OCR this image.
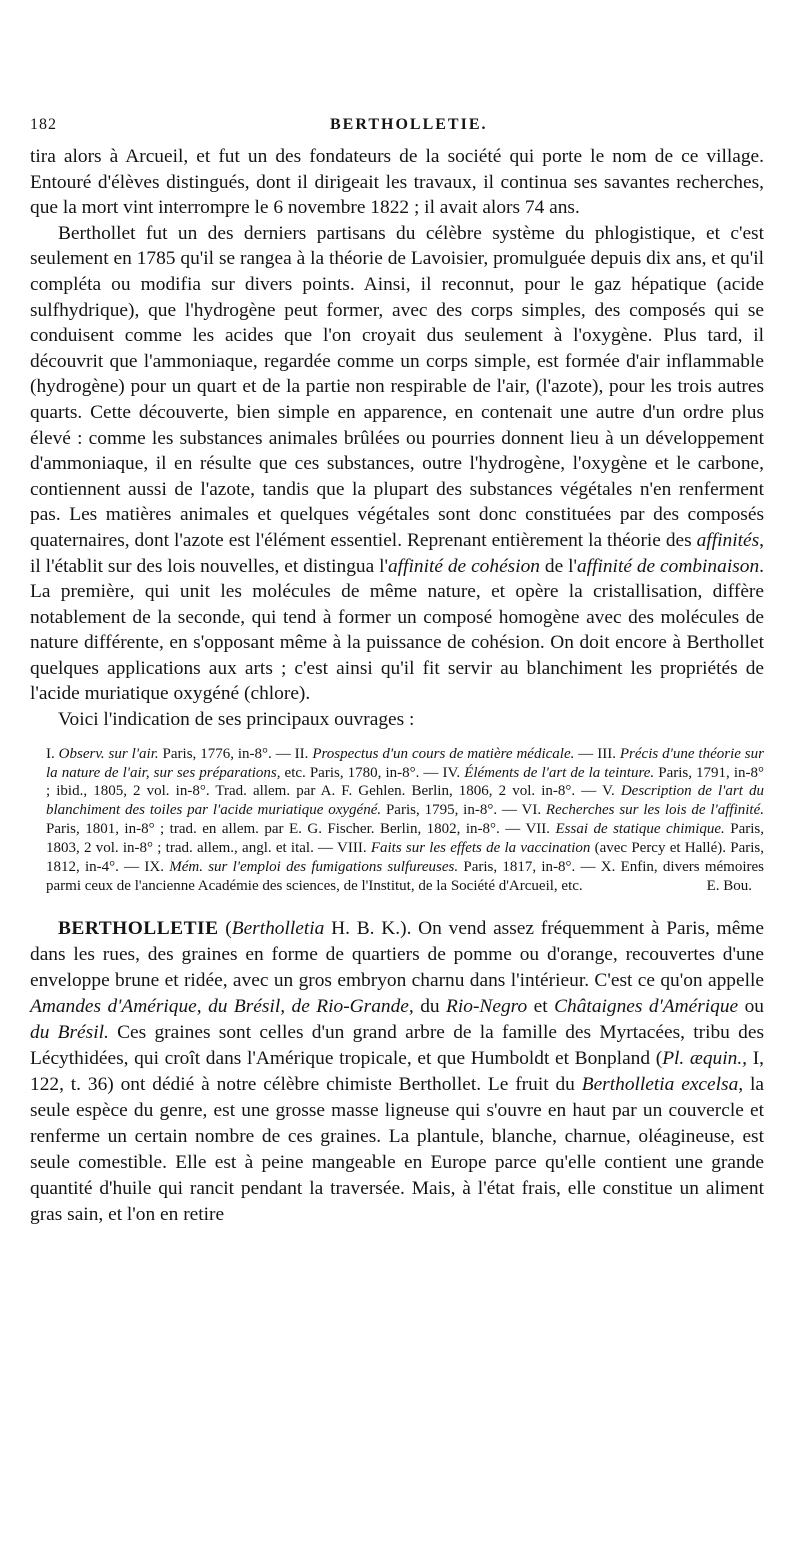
182	BERTHOLLETIE.

tira alors à Arcueil, et fut un des fondateurs de la société qui porte le nom de ce village. Entouré d'élèves distingués, dont il dirigeait les travaux, il continua ses savantes recherches, que la mort vint interrompre le 6 novembre 1822 ; il avait alors 74 ans.

Berthollet fut un des derniers partisans du célèbre système du phlogistique, et c'est seulement en 1785 qu'il se rangea à la théorie de Lavoisier, promulguée depuis dix ans, et qu'il compléta ou modifia sur divers points. Ainsi, il reconnut, pour le gaz hépatique (acide sulfhydrique), que l'hydrogène peut former, avec des corps simples, des composés qui se conduisent comme les acides que l'on croyait dus seulement à l'oxygène. Plus tard, il découvrit que l'ammoniaque, regardée comme un corps simple, est formée d'air inflammable (hydrogène) pour un quart et de la partie non respirable de l'air, (l'azote), pour les trois autres quarts. Cette découverte, bien simple en apparence, en contenait une autre d'un ordre plus élevé : comme les substances animales brûlées ou pourries donnent lieu à un développement d'ammoniaque, il en résulte que ces substances, outre l'hydrogène, l'oxygène et le carbone, contiennent aussi de l'azote, tandis que la plupart des substances végétales n'en renferment pas. Les matières animales et quelques végétales sont donc constituées par des composés quaternaires, dont l'azote est l'élément essentiel. Reprenant entièrement la théorie des affinités, il l'établit sur des lois nouvelles, et distingua l'affinité de cohésion de l'affinité de combinaison. La première, qui unit les molécules de même nature, et opère la cristallisation, diffère notablement de la seconde, qui tend à former un composé homogène avec des molécules de nature différente, en s'opposant même à la puissance de cohésion. On doit encore à Berthollet quelques applications aux arts ; c'est ainsi qu'il fit servir au blanchiment les propriétés de l'acide muriatique oxygéné (chlore).

Voici l'indication de ses principaux ouvrages :

I. Observ. sur l'air. Paris, 1776, in-8°. — II. Prospectus d'un cours de matière médicale. — III. Précis d'une théorie sur la nature de l'air, sur ses préparations, etc. Paris, 1780, in-8°. — IV. Éléments de l'art de la teinture. Paris, 1791, in-8° ; ibid., 1805, 2 vol. in-8°. Trad. allem. par A. F. Gehlen. Berlin, 1806, 2 vol. in-8°. — V. Description de l'art du blanchiment des toiles par l'acide muriatique oxygéné. Paris, 1795, in-8°. — VI. Recherches sur les lois de l'affinité. Paris, 1801, in-8° ; trad. en allem. par E. G. Fischer. Berlin, 1802, in-8°. — VII. Essai de statique chimique. Paris, 1803, 2 vol. in-8° ; trad. allem., angl. et ital. — VIII. Faits sur les effets de la vaccination (avec Percy et Hallé). Paris, 1812, in-4°. — IX. Mém. sur l'emploi des fumigations sulfureuses. Paris, 1817, in-8°. — X. Enfin, divers mémoires parmi ceux de l'ancienne Académie des sciences, de l'Institut, de la Société d'Arcueil, etc.	E. Bou.

BERTHOLLETIE (Bertholletia H. B. K.). On vend assez fréquemment à Paris, même dans les rues, des graines en forme de quartiers de pomme ou d'orange, recouvertes d'une enveloppe brune et ridée, avec un gros embryon charnu dans l'intérieur. C'est ce qu'on appelle Amandes d'Amérique, du Brésil, de Rio-Grande, du Rio-Negro et Châtaignes d'Amérique ou du Brésil. Ces graines sont celles d'un grand arbre de la famille des Myrtacées, tribu des Lécythidées, qui croît dans l'Amérique tropicale, et que Humboldt et Bonpland (Pl. æquin., I, 122, t. 36) ont dédié à notre célèbre chimiste Berthollet. Le fruit du Bertholletia excelsa, la seule espèce du genre, est une grosse masse ligneuse qui s'ouvre en haut par un couvercle et renferme un certain nombre de ces graines. La plantule, blanche, charnue, oléagineuse, est seule comestible. Elle est à peine mangeable en Europe parce qu'elle contient une grande quantité d'huile qui rancit pendant la traversée. Mais, à l'état frais, elle constitue un aliment gras sain, et l'on en retire
